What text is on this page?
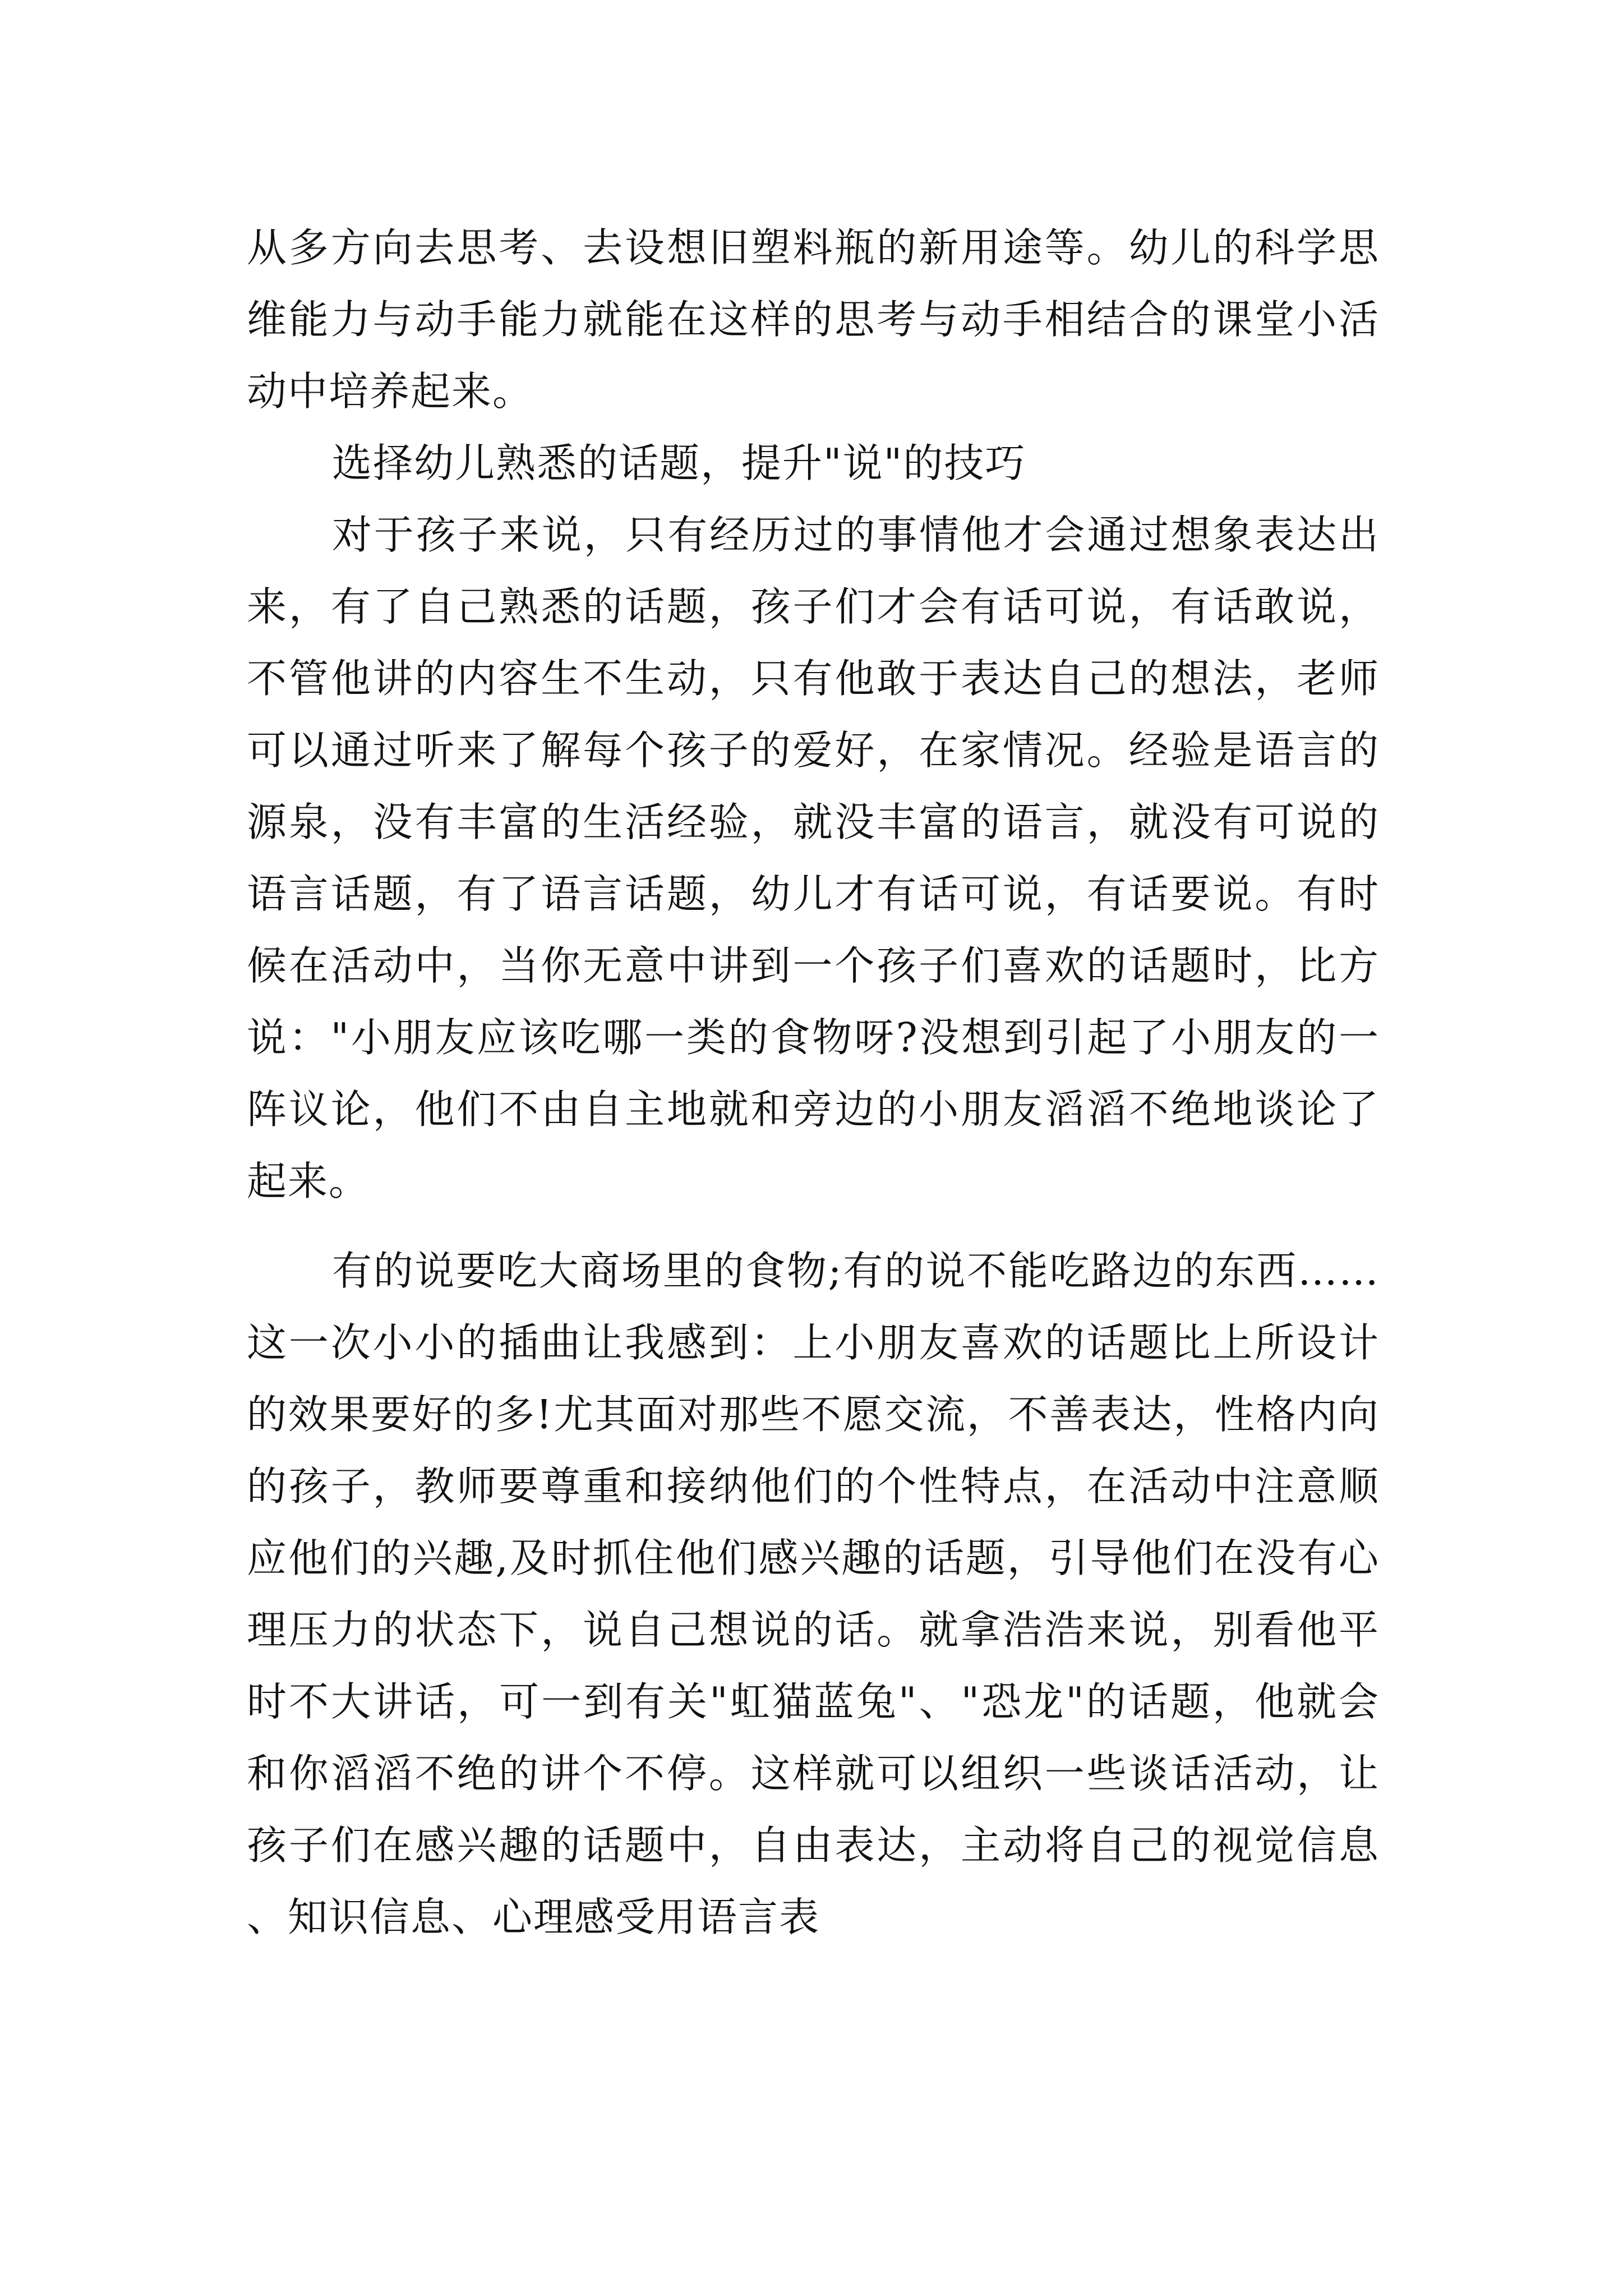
从多方向去思考、去设想旧塑料瓶的新用途等。幼儿的科学思维能力与动手能力就能在这样的思考与动手相结合的课堂小活动中培养起来。

选择幼儿熟悉的话题，提升"说"的技巧

对于孩子来说，只有经历过的事情他才会通过想象表达出来，有了自己熟悉的话题，孩子们才会有话可说，有话敢说，不管他讲的内容生不生动，只有他敢于表达自己的想法，老师可以通过听来了解每个孩子的爱好，在家情况。经验是语言的源泉，没有丰富的生活经验，就没丰富的语言，就没有可说的语言话题，有了语言话题，幼儿才有话可说，有话要说。有时候在活动中，当你无意中讲到一个孩子们喜欢的话题时，比方说："小朋友应该吃哪一类的食物呀?没想到引起了小朋友的一阵议论，他们不由自主地就和旁边的小朋友滔滔不绝地谈论了起来。

有的说要吃大商场里的食物;有的说不能吃路边的东西……这一次小小的插曲让我感到：上小朋友喜欢的话题比上所设计的效果要好的多!尤其面对那些不愿交流，不善表达，性格内向的孩子，教师要尊重和接纳他们的个性特点，在活动中注意顺应他们的兴趣,及时抓住他们感兴趣的话题，引导他们在没有心理压力的状态下，说自己想说的话。就拿浩浩来说，别看他平时不大讲话，可一到有关"虹猫蓝兔"、"恐龙"的话题，他就会和你滔滔不绝的讲个不停。这样就可以组织一些谈话活动，让孩子们在感兴趣的话题中，自由表达，主动将自己的视觉信息、知识信息、心理感受用语言表
